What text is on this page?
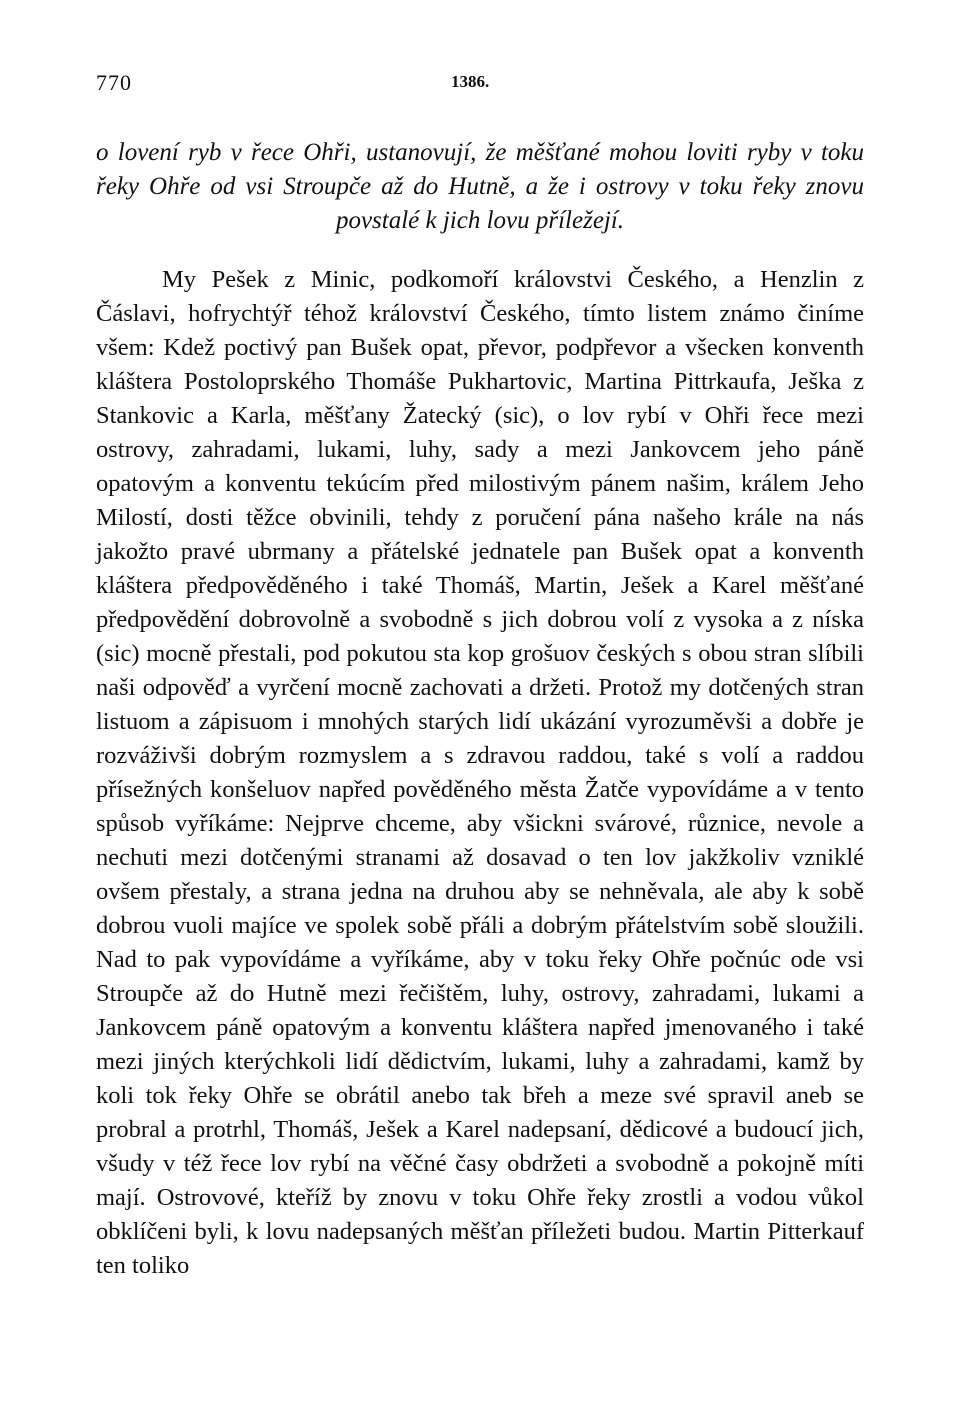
770	1386.

o lovení ryb v řece Ohři, ustanovují, že měšťané mohou loviti ryby v toku řeky Ohře od vsi Stroupče až do Hutně, a že i ostrovy v toku řeky znovu povstalé k jich lovu příležejí.

My Pešek z Minic, podkomoří královstvi Českého, a Henzlin z Čáslavi, hofrychtýř téhož království Českého, tímto listem známo činíme všem: Kdež poctivý pan Bušek opat, převor, podpřevor a všecken konventh kláštera Postoloprského Thomáše Pukhartovic, Martina Pittrkaufa, Ješka z Stankovic a Karla, měšťany Žatecký (sic), o lov rybí v Ohři řece mezi ostrovy, zahradami, lukami, luhy, sady a mezi Jankovcem jeho páně opatovým a konventu tekúcím před milostivým pánem našim, králem Jeho Milostí, dosti těžce obvinili, tehdy z poručení pána našeho krále na nás jakožto pravé ubrmany a přátelské jednatele pan Bušek opat a konventh kláštera předpověděného i také Thomáš, Martin, Ješek a Karel měšťané předpovědění dobrovolně a svobodně s jich dobrou volí z vysoka a z níska (sic) mocně přestali, pod pokutou sta kop grošuov českých s obou stran slíbili naši odpověď a vyrčení mocně zachovati a držeti. Protož my dotčených stran listuom a zápisuom i mnohých starých lidí ukázání vyrozuměvši a dobře je rozváživši dobrým rozmyslem a s zdravou raddou, také s volí a raddou přísežných konšeluov napřed pověděného města Žatče vypovídáme a v tento spůsob vyříkáme: Nejprve chceme, aby všickni svárové, různice, nevole a nechuti mezi dotčenými stranami až dosavad o ten lov jakžkoliv vzniklé ovšem přestaly, a strana jedna na druhou aby se nehněvala, ale aby k sobě dobrou vuoli majíce ve spolek sobě přáli a dobrým přátelstvím sobě sloužili. Nad to pak vypovídáme a vyříkáme, aby v toku řeky Ohře počnúc ode vsi Stroupče až do Hutně mezi řečištěm, luhy, ostrovy, zahradami, lukami a Jankovcem páně opatovým a konventu kláštera napřed jmenovaného i také mezi jiných kterýchkoli lidí dědictvím, lukami, luhy a zahradami, kamž by koli tok řeky Ohře se obrátil anebo tak břeh a meze své spravil aneb se probral a protrhl, Thomáš, Ješek a Karel nadepsaní, dědicové a budoucí jich, všudy v též řece lov rybí na věčné časy obdržeti a svobodně a pokojně míti mají. Ostrovové, kteříž by znovu v toku Ohře řeky zrostli a vodou vůkol obklíčeni byli, k lovu nadepsaných měšťan příležeti budou. Martin Pitterkauf ten toliko
